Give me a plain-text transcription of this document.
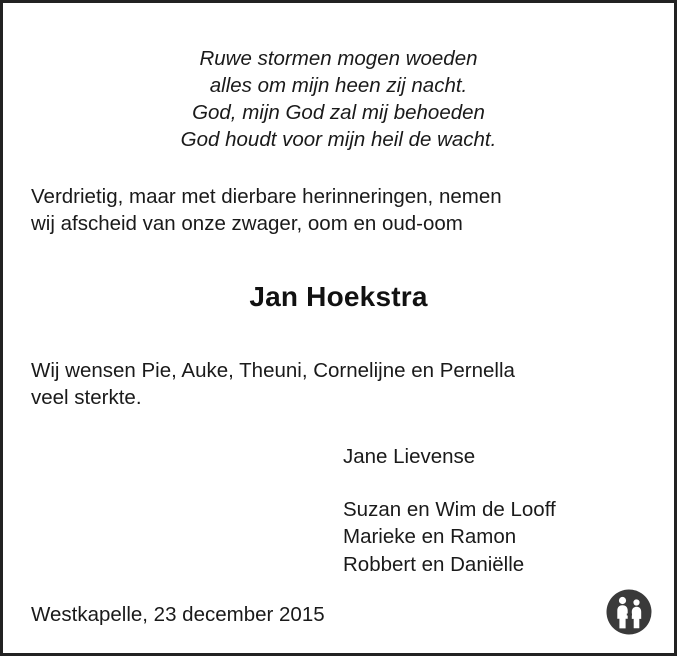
Ruwe stormen mogen woeden
alles om mijn heen zij nacht.
God, mijn God zal mij behoeden
God houdt voor mijn heil de wacht.
Verdrietig, maar met dierbare herinneringen, nemen
wij afscheid van onze zwager, oom en oud-oom
Jan Hoekstra
Wij wensen Pie, Auke, Theuni, Cornelijne en Pernella
veel sterkte.
Jane Lievense
Suzan en Wim de Looff
Marieke en Ramon
Robbert en Daniëlle
Westkapelle, 23 december 2015
